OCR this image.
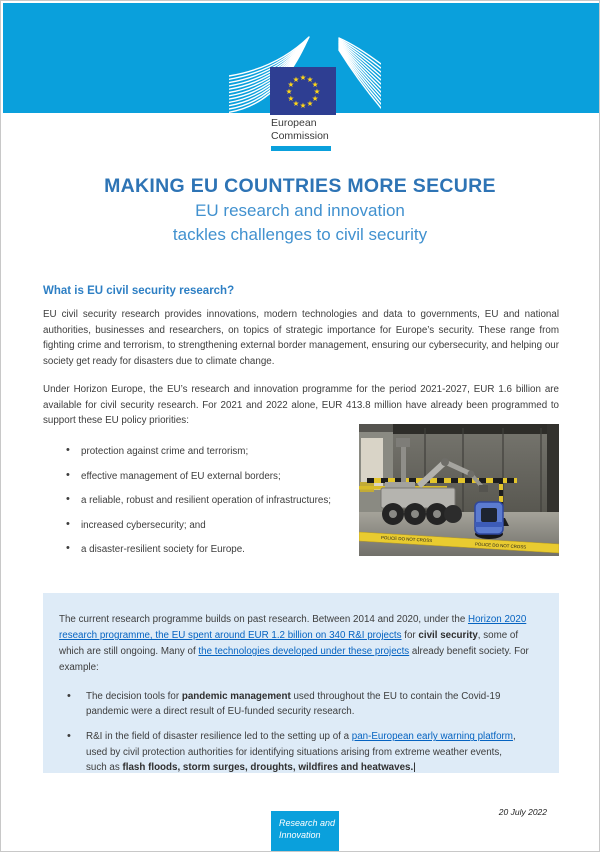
★ ★
★
★
★
★
★
★
★
★
★
★
European
Commission
MAKING EU COUNTRIES MORE SECURE
EU research and innovation
tackles challenges to civil security
What is EU civil security research?

EU civil security research provides innovations, modern technologies and data to governments, EU and national authorities, businesses and researchers, on topics of strategic importance for Europe’s security. These range from fighting crime and terrorism, to strengthening external border management, ensuring our cybersecurity, and helping our society get ready for disasters due to climate change.

Under Horizon Europe, the EU’s research and innovation programme for the period 2021-2027, EUR 1.6 billion are available for civil security research. For 2021 and 2022 alone, EUR 413.8 million have already been programmed to support these EU policy priorities:

• protection against crime and terrorism;
• effective management of EU external borders;
• a reliable, robust and resilient operation of infrastructures;
• increased cybersecurity; and
• a disaster-resilient society for Europe.
POLICE DO NOT CROSS
POLICE DO NOT CROSS

The current research programme builds on past research. Between 2014 and 2020, under the Horizon 2020 research programme, the EU spent around EUR 1.2 billion on 340 R&I projects for civil security, some of which are still ongoing. Many of the technologies developed under these projects already benefit society. For example:

• The decision tools for pandemic management used throughout the EU to contain the Covid-19 pandemic were a direct result of EU-funded security research.
• R&I in the field of disaster resilience led to the setting up of a pan-European early warning platform, used by civil protection authorities for identifying situations arising from extreme weather events, such as flash floods, storm surges, droughts, wildfires and heatwaves.|
Research and
Innovation
20 July 2022
